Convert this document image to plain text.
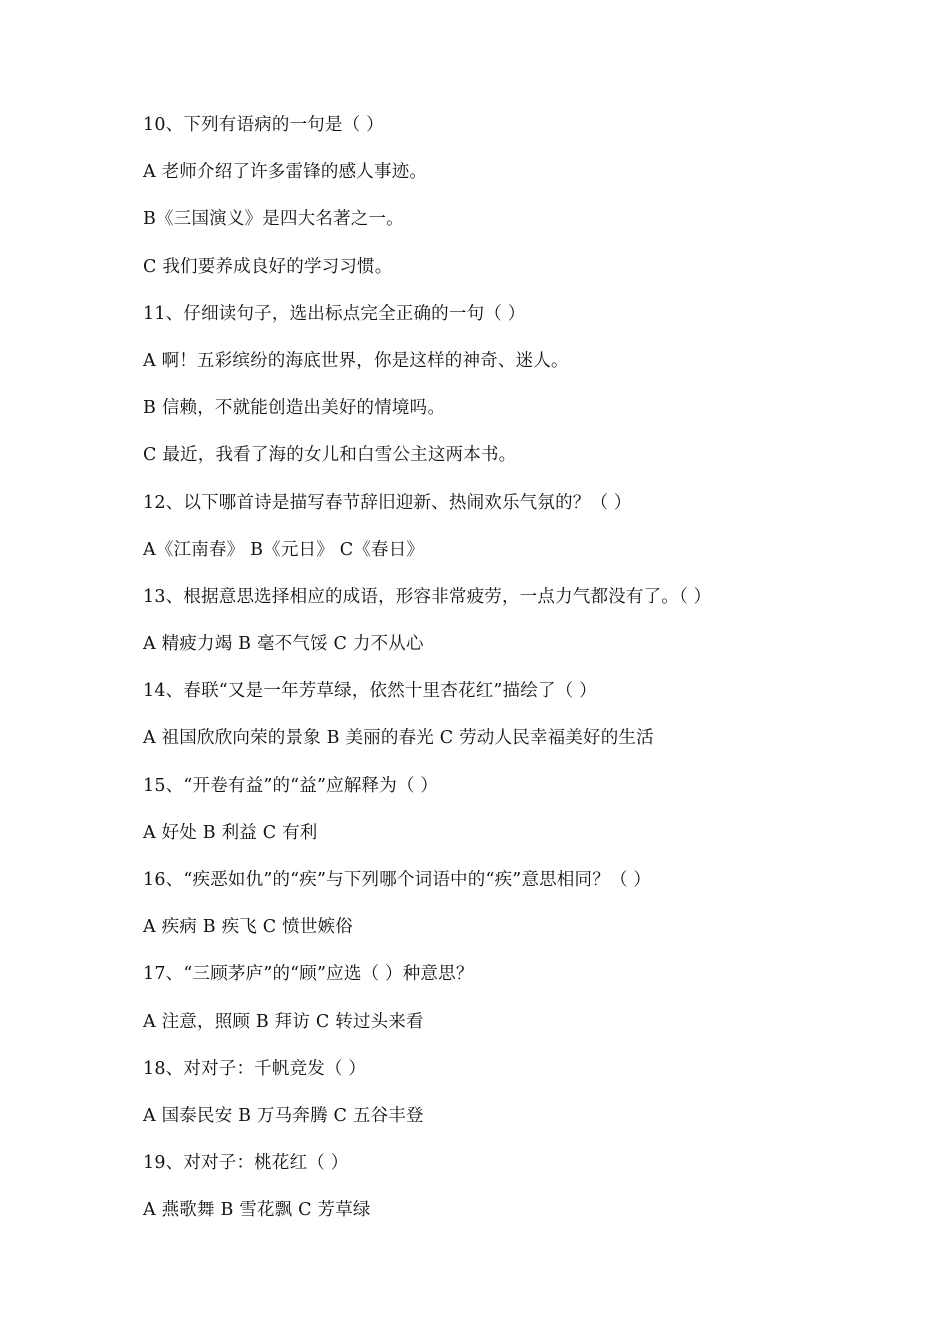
10、下列有语病的一句是（ ）
A 老师介绍了许多雷锋的感人事迹。
B《三国演义》是四大名著之一。
C 我们要养成良好的学习习惯。
11、仔细读句子，选出标点完全正确的一句（ ）
A 啊！五彩缤纷的海底世界，你是这样的神奇、迷人。
B 信赖，不就能创造出美好的情境吗。
C 最近，我看了海的女儿和白雪公主这两本书。
12、以下哪首诗是描写春节辞旧迎新、热闹欢乐气氛的？（ ）
A《江南春》 B《元日》 C《春日》
13、根据意思选择相应的成语，形容非常疲劳，一点力气都没有了。（ ）
A 精疲力竭 B 毫不气馁 C 力不从心
14、春联“又是一年芳草绿，依然十里杏花红”描绘了（ ）
A 祖国欣欣向荣的景象 B 美丽的春光 C 劳动人民幸福美好的生活
15、“开卷有益”的“益”应解释为（ ）
A 好处 B 利益 C 有利
16、“疾恶如仇”的“疾”与下列哪个词语中的“疾”意思相同？（ ）
A 疾病 B 疾飞 C 愤世嫉俗
17、“三顾茅庐”的“顾”应选（ ）种意思？
A 注意，照顾 B 拜访 C 转过头来看
18、对对子：千帆竞发（ ）
A 国泰民安 B 万马奔腾 C 五谷丰登
19、对对子：桃花红（ ）
A 燕歌舞 B 雪花飘 C 芳草绿
